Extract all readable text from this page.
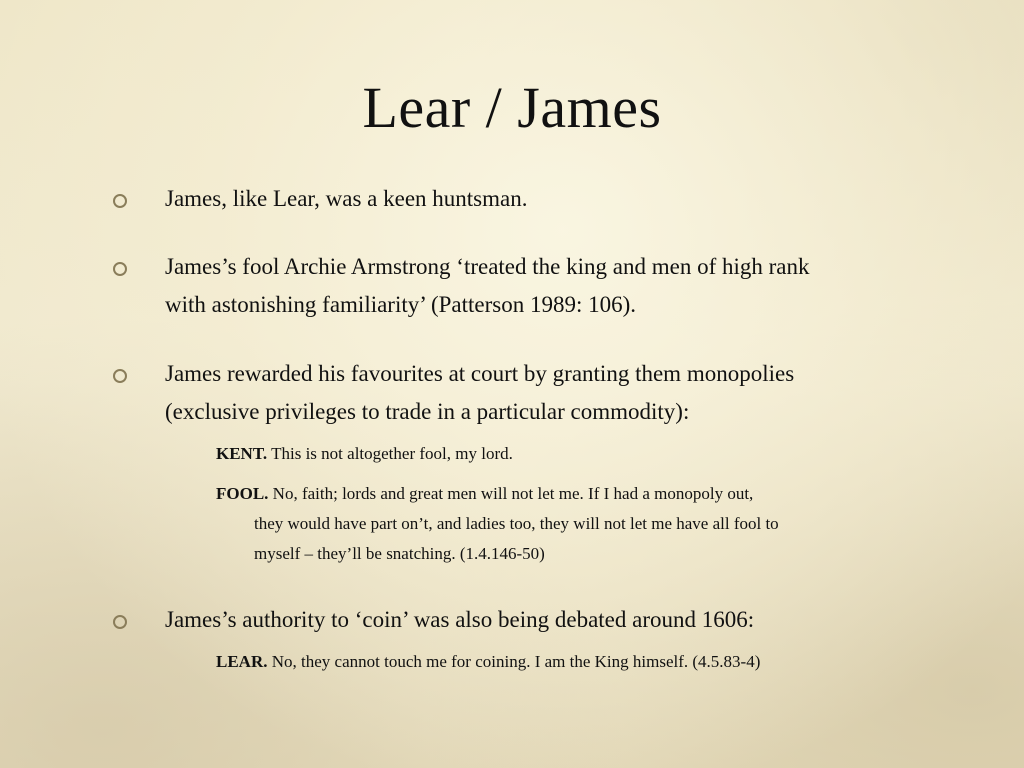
Lear / James
James, like Lear, was a keen huntsman.
James’s fool Archie Armstrong ‘treated the king and men of high rank
with astonishing familiarity’ (Patterson 1989: 106).
James rewarded his favourites at court by granting them monopolies
(exclusive privileges to trade in a particular commodity):
KENT. This is not altogether fool, my lord.
FOOL. No, faith; lords and great men will not let me. If I had a monopoly out,
they would have part on’t, and ladies too, they will not let me have all fool to
myself – they’ll be snatching. (1.4.146-50)
James’s authority to ‘coin’ was also being debated around 1606:
LEAR. No, they cannot touch me for coining. I am the King himself. (4.5.83-4)
